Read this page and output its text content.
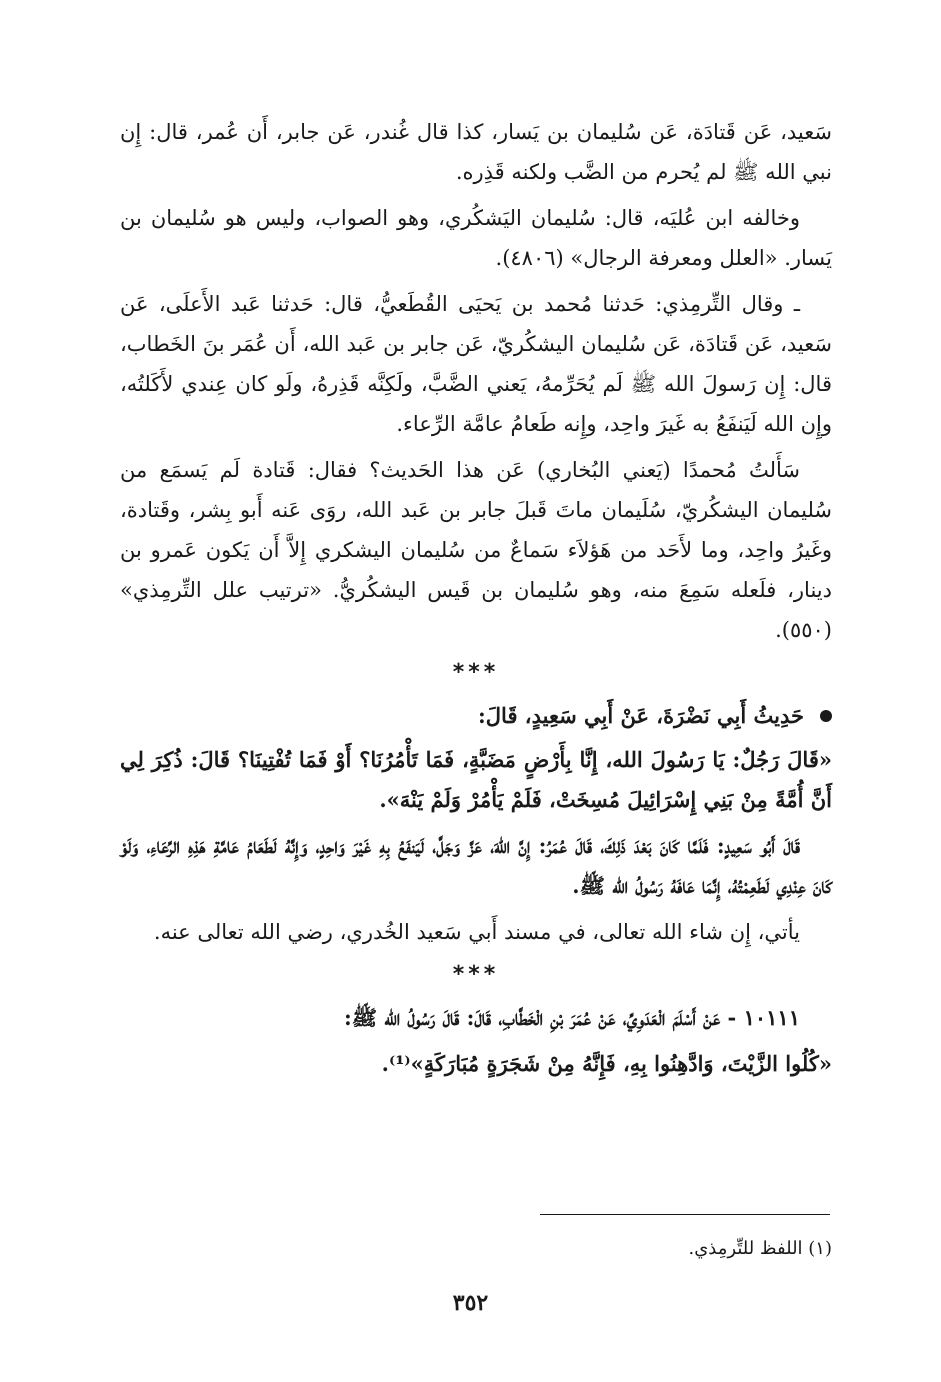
سَعيد، عَن قَتادَة، عَن سُليمان بن يَسار، كذا قال غُندر، عَن جابر، أَن عُمر، قال: إِن نبي الله ﷺ لم يُحرم من الضَّب ولكنه قَذِره.

وخالفه ابن عُليَه، قال: سُليمان اليَشكُري، وهو الصواب، وليس هو سُليمان بن يَسار. «العلل ومعرفة الرجال» (٤٨٠٦).

ـ وقال التِّرمِذي: حَدثنا مُحمد بن يَحيَى القُطَعيُّ، قال: حَدثنا عَبد الأَعلَى، عَن سَعيد، عَن قَتادَة، عَن سُليمان اليشكُريّ، عَن جابر بن عَبد الله، أَن عُمَر بنَ الخَطاب، قال: إِن رَسولَ الله ﷺ لَم يُحَرِّمهُ، يَعني الضَّبَّ، ولَكِنَّه قَذِرهُ، ولَو كان عِندي لأَكَلتُه، وإِن الله لَيَنفَعُ به غَيرَ واحِد، وإِنه طَعامُ عامَّة الرِّعاء.

سَأَلتُ مُحمدًا (يَعني البُخاري) عَن هذا الحَديث؟ فقال: قَتادة لَم يَسمَع من سُليمان اليشكُريّ، سُلَيمان ماتَ قَبلَ جابر بن عَبد الله، روَى عَنه أَبو بِشر، وقَتادة، وغَيرُ واحِد، وما لأَحَد من هَؤلاَء سَماعٌ من سُليمان اليشكري إِلاَّ أَن يَكون عَمرو بن دينار، فلَعله سَمِعَ منه، وهو سُليمان بن قَيس اليشكُريُّ. «ترتيب علل التِّرمِذي» (٥٥٠).

***

حَدِيثُ أَبِي نَضْرَةَ، عَنْ أَبِي سَعِيدٍ، قَالَ:

«قَالَ رَجُلٌ: يَا رَسُولَ الله، إِنَّا بِأَرْضٍ مَضَبَّةٍ، فَمَا تَأْمُرُنَا؟ أَوْ فَمَا تُفْتِينَا؟ قَالَ: ذُكِرَ لِي أَنَّ أُمَّةً مِنْ بَنِي إِسْرَائِيلَ مُسِخَتْ، فَلَمْ يَأْمُرْ وَلَمْ يَنْهَ».

قَالَ أَبُو سَعِيدٍ: فَلَمَّا كَانَ بَعْدَ ذَلِكَ، قَالَ عُمَرُ: إِنَّ اللهَ، عَزَّ وَجَلَّ، لَيَنفَعُ بِهِ غَيْرَ وَاحِدٍ، وَإِنَّهُ لَطَعَامُ عَامَّةِ هَذِهِ الرِّعَاءِ، وَلَوْ كَانَ عِنْدِي لَطَعِمْتُهُ، إِنَّمَا عَافَهُ رَسُولُ الله ﷺ.

يأتي، إِن شاء الله تعالى، في مسند أَبي سَعيد الخُدري، رضي الله تعالى عنه.

***

١٠١١١ - عَنْ أَسْلَمَ الْعَدَوِيِّ، عَنْ عُمَرَ بْنِ الْخَطَّابِ، قَالَ: قَالَ رَسُولُ الله ﷺ:

«كُلُوا الزَّيْتَ، وَادَّهِنُوا بِهِ، فَإِنَّهُ مِنْ شَجَرَةٍ مُبَارَكَةٍ»⁽¹⁾.

(١) اللفظ للتِّرمِذي.
٣٥٢
